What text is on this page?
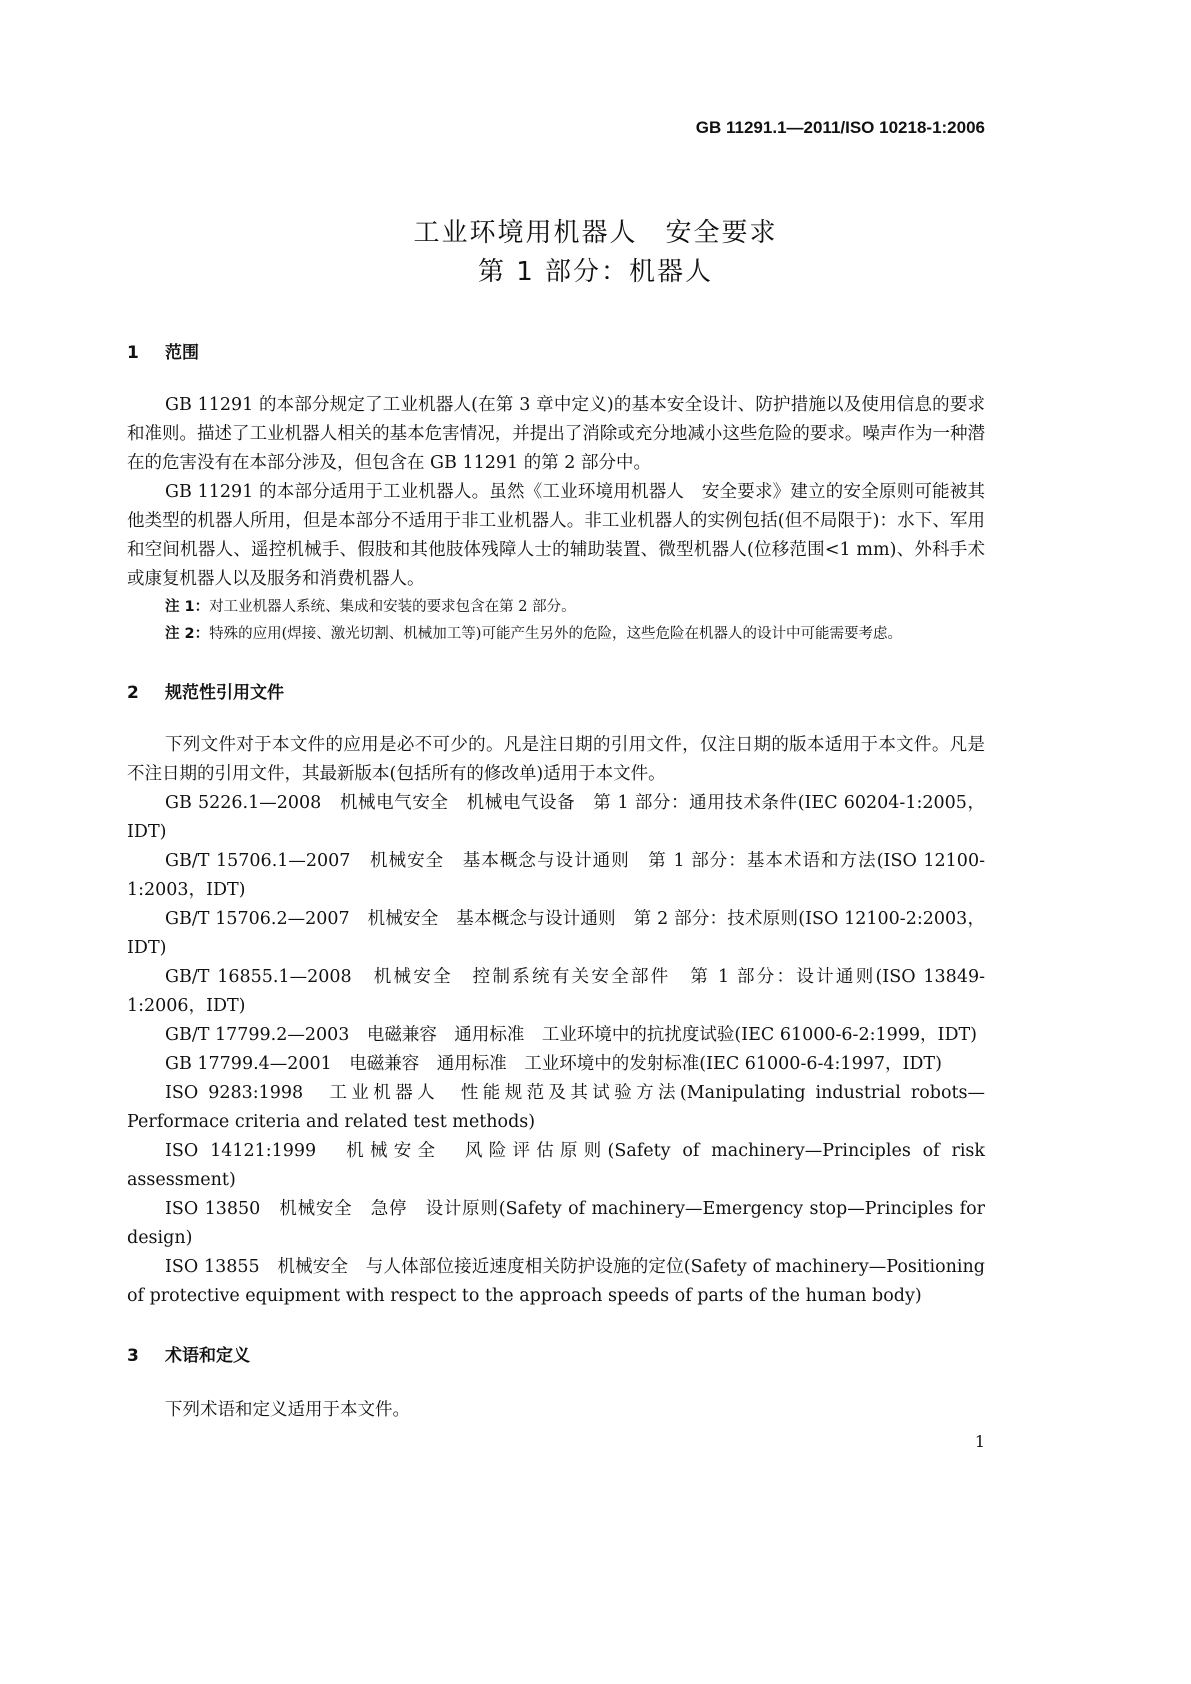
GB 11291.1—2011/ISO 10218-1:2006
工业环境用机器人　安全要求
第 1 部分：机器人
1 范围

GB 11291 的本部分规定了工业机器人(在第 3 章中定义)的基本安全设计、防护措施以及使用信息的要求和准则。描述了工业机器人相关的基本危害情况，并提出了消除或充分地减小这些危险的要求。噪声作为一种潜在的危害没有在本部分涉及，但包含在 GB 11291 的第 2 部分中。

GB 11291 的本部分适用于工业机器人。虽然《工业环境用机器人　安全要求》建立的安全原则可能被其他类型的机器人所用，但是本部分不适用于非工业机器人。非工业机器人的实例包括(但不局限于)：水下、军用和空间机器人、遥控机械手、假肢和其他肢体残障人士的辅助装置、微型机器人(位移范围<1 mm)、外科手术或康复机器人以及服务和消费机器人。

注 1：对工业机器人系统、集成和安装的要求包含在第 2 部分。
注 2：特殊的应用(焊接、激光切割、机械加工等)可能产生另外的危险，这些危险在机器人的设计中可能需要考虑。
2 规范性引用文件

下列文件对于本文件的应用是必不可少的。凡是注日期的引用文件，仅注日期的版本适用于本文件。凡是不注日期的引用文件，其最新版本(包括所有的修改单)适用于本文件。

GB 5226.1—2008　机械电气安全　机械电气设备　第 1 部分：通用技术条件(IEC 60204-1:2005，IDT)

GB/T 15706.1—2007　机械安全　基本概念与设计通则　第 1 部分：基本术语和方法(ISO 12100-1:2003，IDT)

GB/T 15706.2—2007　机械安全　基本概念与设计通则　第 2 部分：技术原则(ISO 12100-2:2003，IDT)

GB/T 16855.1—2008　机械安全　控制系统有关安全部件　第 1 部分：设计通则(ISO 13849-1:2006，IDT)

GB/T 17799.2—2003　电磁兼容　通用标准　工业环境中的抗扰度试验(IEC 61000-6-2:1999，IDT)

GB 17799.4—2001　电磁兼容　通用标准　工业环境中的发射标准(IEC 61000-6-4:1997，IDT)

ISO 9283:1998　工业机器人　性能规范及其试验方法(Manipulating industrial robots—Performace criteria and related test methods)

ISO 14121:1999　机械安全　风险评估原则(Safety of machinery—Principles of risk assessment)

ISO 13850　机械安全　急停　设计原则(Safety of machinery—Emergency stop—Principles for design)

ISO 13855　机械安全　与人体部位接近速度相关防护设施的定位(Safety of machinery—Positioning of protective equipment with respect to the approach speeds of parts of the human body)

3 术语和定义

下列术语和定义适用于本文件。

1
